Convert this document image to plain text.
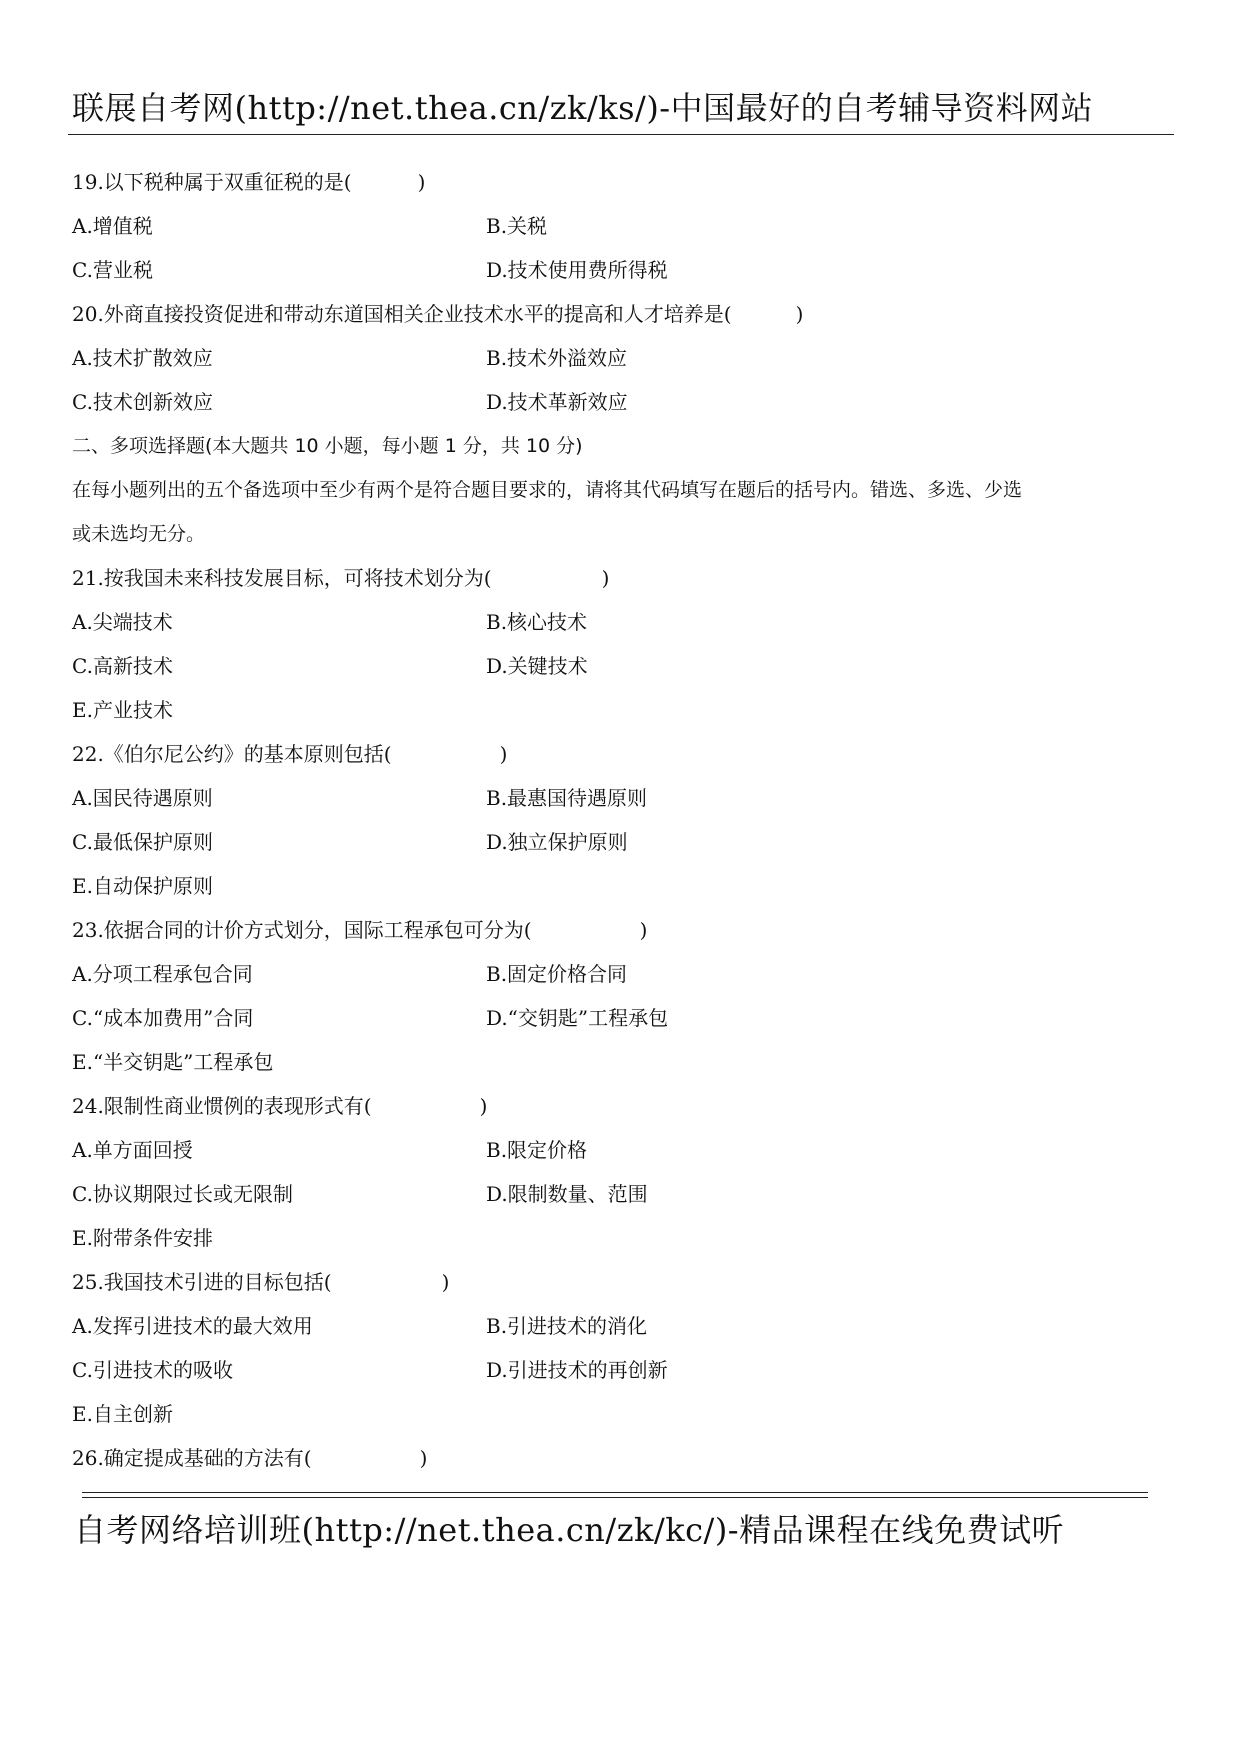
联展自考网(http://net.thea.cn/zk/ks/)-中国最好的自考辅导资料网站
19.以下税种属于双重征税的是(	)
A.增值税	B.关税
C.营业税	D.技术使用费所得税
20.外商直接投资促进和带动东道国相关企业技术水平的提高和人才培养是(	)
A.技术扩散效应	B.技术外溢效应
C.技术创新效应	D.技术革新效应
二、多项选择题(本大题共 10 小题，每小题 1 分，共 10 分)
在每小题列出的五个备选项中至少有两个是符合题目要求的，请将其代码填写在题后的括号内。错选、多选、少选
或未选均无分。
21.按我国未来科技发展目标，可将技术划分为(	)
A.尖端技术	B.核心技术
C.高新技术	D.关键技术
E.产业技术
22.《伯尔尼公约》的基本原则包括(	)
A.国民待遇原则	B.最惠国待遇原则
C.最低保护原则	D.独立保护原则
E.自动保护原则
23.依据合同的计价方式划分，国际工程承包可分为(	)
A.分项工程承包合同	B.固定价格合同
C.“成本加费用”合同	D.“交钥匙”工程承包
E.“半交钥匙”工程承包
24.限制性商业惯例的表现形式有(	)
A.单方面回授	B.限定价格
C.协议期限过长或无限制	D.限制数量、范围
E.附带条件安排
25.我国技术引进的目标包括(	)
A.发挥引进技术的最大效用	B.引进技术的消化
C.引进技术的吸收	D.引进技术的再创新
E.自主创新
26.确定提成基础的方法有(	)
自考网络培训班(http://net.thea.cn/zk/kc/)-精品课程在线免费试听
